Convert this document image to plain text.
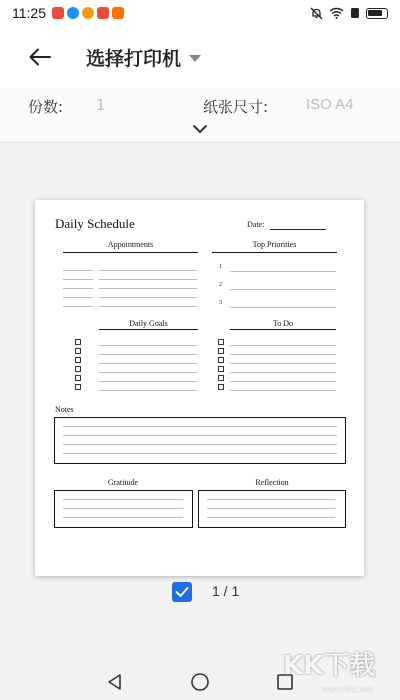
11:25
选择打印机
份数: 1	纸张尺寸:	ISO A4
Daily Schedule	Date:
Appointments	Top Priorities
1
2
3
Daily Goals	To Do
Notes
Gratitude	Reflection
1 / 1
KK下载
www.kkx.net
